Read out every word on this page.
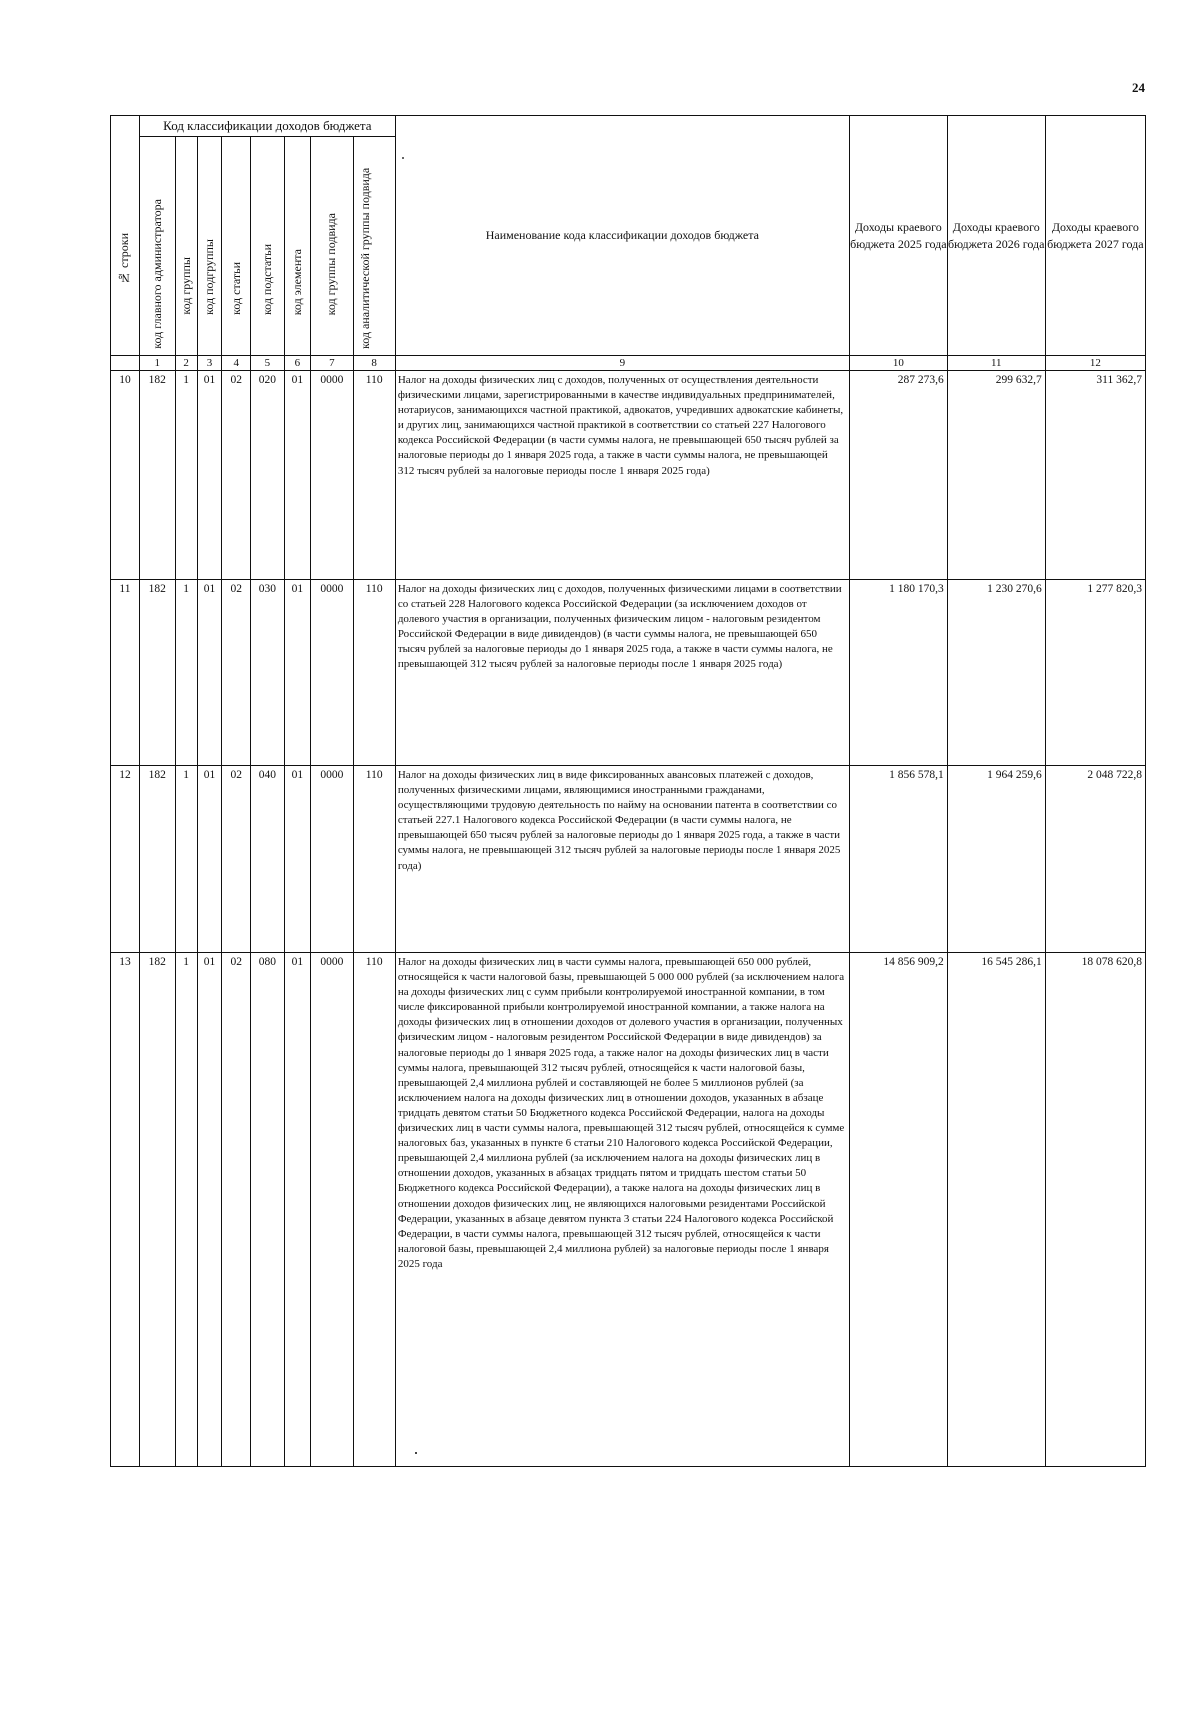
24
№ строки	Код классификации доходов бюджета								Наименование кода классификации доходов бюджета	Доходы краевого бюджета 2025 года	Доходы краевого бюджета 2026 года	Доходы краевого бюджета 2027 года

	код главного администратора	код группы	код подгруппы	код статьи	код подстатьи	код элемента	код группы подвида	код аналитической группы подвида				

	1	2	3	4	5	6	7	8	9	10	11	12
10	182	1	01	02	020	01	0000	110	Налог на доходы физических лиц с доходов, полученных от осуществления деятельности физическими лицами, зарегистрированными в качестве индивидуальных предпринимателей, нотариусов, занимающихся частной практикой, адвокатов, учредивших адвокатские кабинеты, и других лиц, занимающихся частной практикой в соответствии со статьей 227 Налогового кодекса Российской Федерации (в части суммы налога, не превышающей 650 тысяч рублей за налоговые периоды до 1 января 2025 года, а также в части суммы налога, не превышающей 312 тысяч рублей за налоговые периоды после 1 января 2025 года)	287 273,6	299 632,7	311 362,7
11	182	1	01	02	030	01	0000	110	Налог на доходы физических лиц с доходов, полученных физическими лицами в соответствии со статьей 228 Налогового кодекса Российской Федерации (за исключением доходов от долевого участия в организации, полученных физическим лицом - налоговым резидентом Российской Федерации в виде дивидендов) (в части суммы налога, не превышающей 650 тысяч рублей за налоговые периоды до 1 января 2025 года, а также в части суммы налога, не превышающей 312 тысяч рублей за налоговые периоды после 1 января 2025 года)	1 180 170,3	1 230 270,6	1 277 820,3
12	182	1	01	02	040	01	0000	110	Налог на доходы физических лиц в виде фиксированных авансовых платежей с доходов, полученных физическими лицами, являющимися иностранными гражданами, осуществляющими трудовую деятельность по найму на основании патента в соответствии со статьей 227.1 Налогового кодекса Российской Федерации (в части суммы налога, не превышающей 650 тысяч рублей за налоговые периоды до 1 января 2025 года, а также в части суммы налога, не превышающей 312 тысяч рублей за налоговые периоды после 1 января 2025 года)	1 856 578,1	1 964 259,6	2 048 722,8
13	182	1	01	02	080	01	0000	110	Налог на доходы физических лиц в части суммы налога, превышающей 650 000 рублей, относящейся к части налоговой базы, превышающей 5 000 000 рублей (за исключением налога на доходы физических лиц с сумм прибыли контролируемой иностранной компании, в том числе фиксированной прибыли контролируемой иностранной компании, а также налога на доходы физических лиц в отношении доходов от долевого участия в организации, полученных физическим лицом - налоговым резидентом Российской Федерации в виде дивидендов) за налоговые периоды до 1 января 2025 года, а также налог на доходы физических лиц в части суммы налога, превышающей 312 тысяч рублей, относящейся к части налоговой базы, превышающей 2,4 миллиона рублей и составляющей не более 5 миллионов рублей (за исключением налога на доходы физических лиц в отношении доходов, указанных в абзаце тридцать девятом статьи 50 Бюджетного кодекса Российской Федерации, налога на доходы физических лиц в части суммы налога, превышающей 312 тысяч рублей, относящейся к сумме налоговых баз, указанных в пункте 6 статьи 210 Налогового кодекса Российской Федерации, превышающей 2,4 миллиона рублей (за исключением налога на доходы физических лиц в отношении доходов, указанных в абзацах тридцать пятом и тридцать шестом статьи 50 Бюджетного кодекса Российской Федерации), а также налога на доходы физических лиц в отношении доходов физических лиц, не являющихся налоговыми резидентами Российской Федерации, указанных в абзаце девятом пункта 3 статьи 224 Налогового кодекса Российской Федерации, в части суммы налога, превышающей 312 тысяч рублей, относящейся к части налоговой базы, превышающей 2,4 миллиона рублей) за налоговые периоды после 1 января 2025 года	14 856 909,2	16 545 286,1	18 078 620,8
